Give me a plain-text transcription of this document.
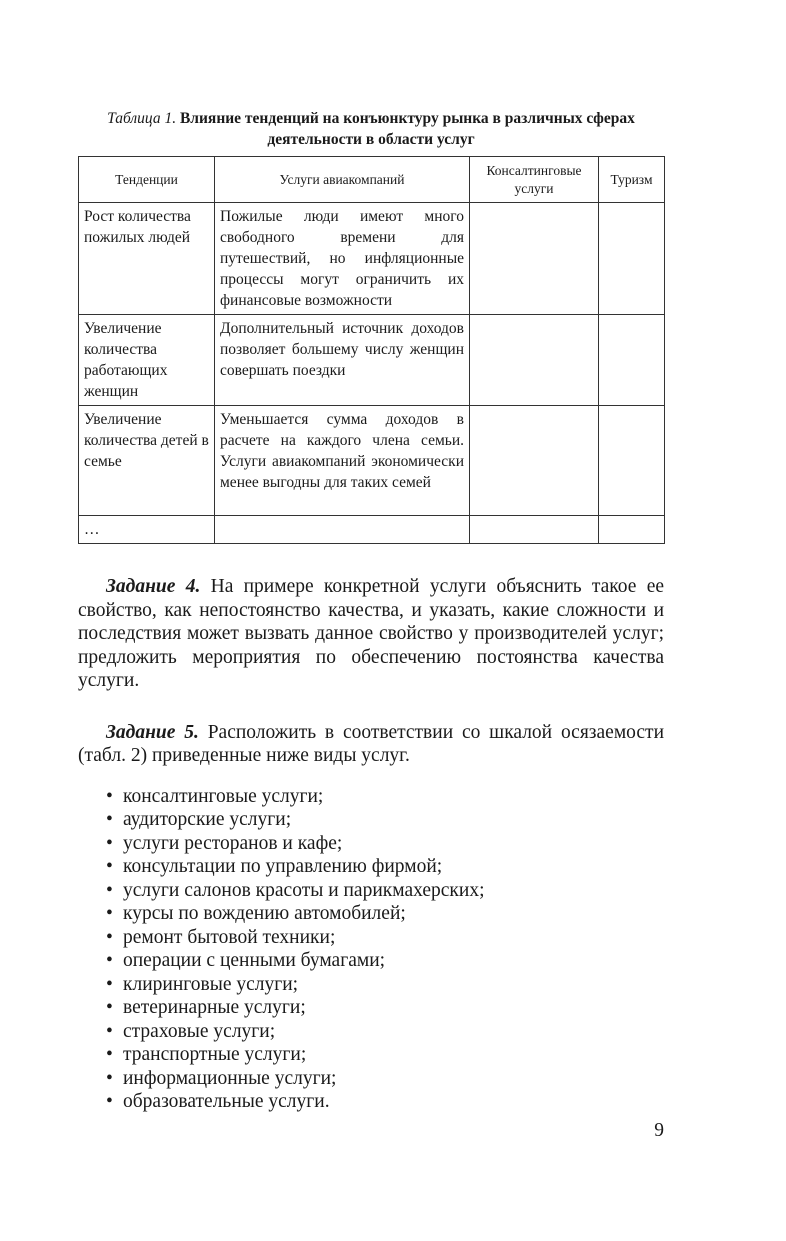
Таблица 1. Влияние тенденций на конъюнктуру рынка в различных сферах деятельности в области услуг

Тенденции	Услуги авиакомпаний	Консалтинговые услуги	Туризм
Рост количества пожилых людей	Пожилые люди имеют много свободного времени для путешествий, но инфляционные процессы могут ограничить их финансовые возможности		
Увеличение количества работающих женщин	Дополнительный источник доходов позволяет большему числу женщин совершать поездки		
Увеличение количества детей в семье	Уменьшается сумма доходов в расчете на каждого члена семьи. Услуги авиакомпаний экономически менее выгодны для таких семей		
…			

Задание 4. На примере конкретной услуги объяснить такое ее свойство, как непостоянство качества, и указать, какие сложности и последствия может вызвать данное свойство у производителей услуг; предложить мероприятия по обеспечению постоянства качества услуги.

Задание 5. Расположить в соответствии со шкалой осязаемости (табл. 2) приведенные ниже виды услуг.

• консалтинговые услуги;
• аудиторские услуги;
• услуги ресторанов и кафе;
• консультации по управлению фирмой;
• услуги салонов красоты и парикмахерских;
• курсы по вождению автомобилей;
• ремонт бытовой техники;
• операции с ценными бумагами;
• клиринговые услуги;
• ветеринарные услуги;
• страховые услуги;
• транспортные услуги;
• информационные услуги;
• образовательные услуги.
9
